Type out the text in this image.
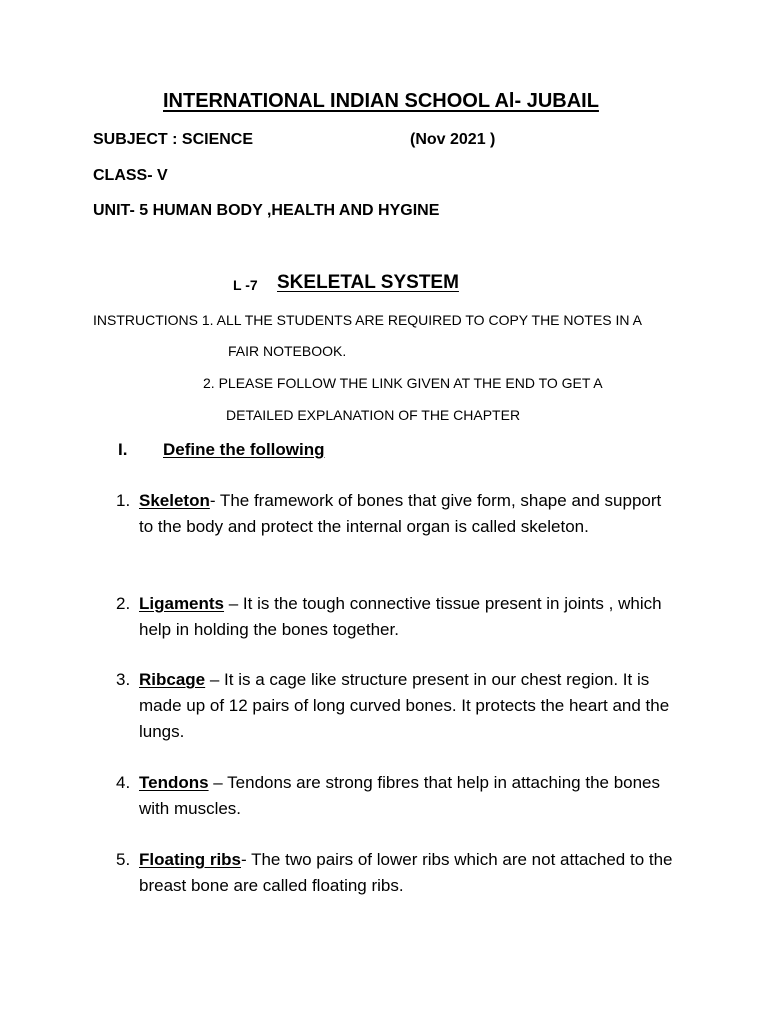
INTERNATIONAL INDIAN SCHOOL Al- JUBAIL
SUBJECT : SCIENCE	(Nov 2021 )
CLASS- V
UNIT- 5 HUMAN BODY ,HEALTH AND HYGINE
L -7 SKELETAL SYSTEM
INSTRUCTIONS 1. ALL THE STUDENTS ARE REQUIRED TO COPY THE NOTES IN A
FAIR NOTEBOOK.
2. PLEASE FOLLOW THE LINK GIVEN AT THE END TO GET A
DETAILED EXPLANATION OF THE CHAPTER
I. Define the following
1. Skeleton- The framework of bones that give form, shape and support to the body and protect the internal organ is called skeleton.
2. Ligaments – It is the tough connective tissue present in joints , which help in holding the bones together.
3. Ribcage – It is a cage like structure present in our chest region. It is made up of 12 pairs of long curved bones. It protects the heart and the lungs.
4. Tendons – Tendons are strong fibres that help in attaching the bones with muscles.
5. Floating ribs- The two pairs of lower ribs which are not attached to the breast bone are called floating ribs.
